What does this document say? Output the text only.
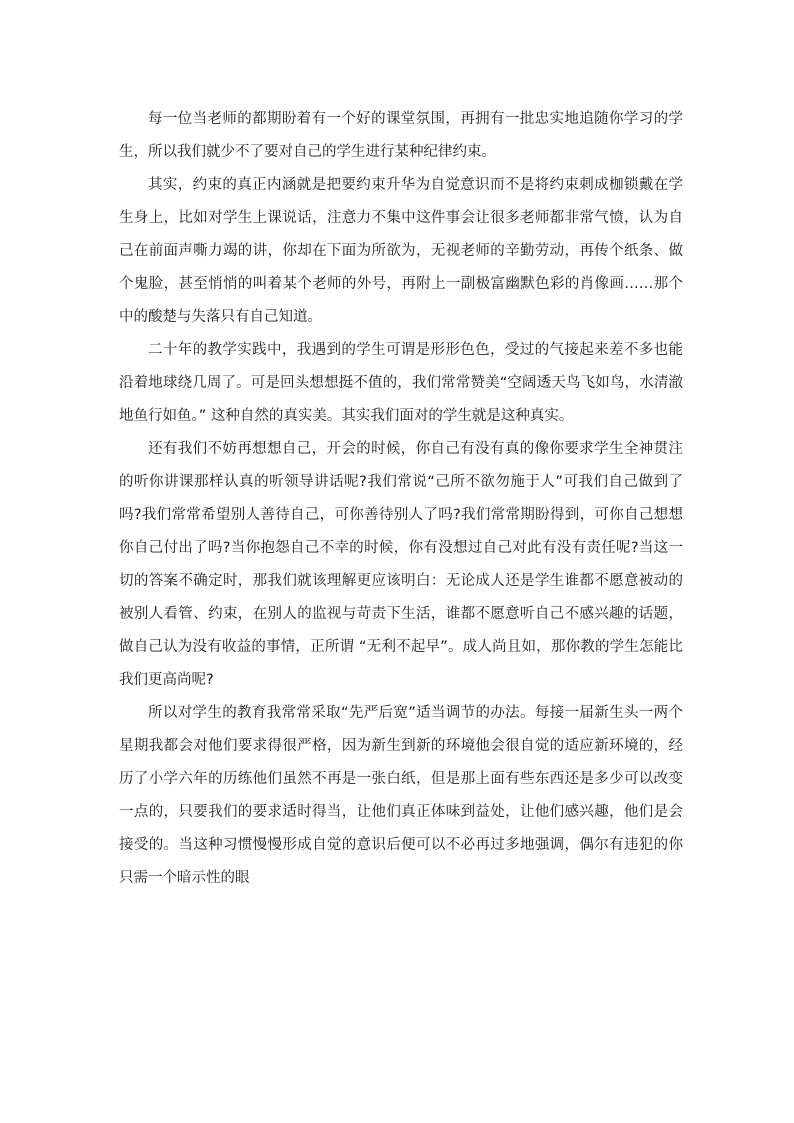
每一位当老师的都期盼着有一个好的课堂氛围，再拥有一批忠实地追随你学习的学生，所以我们就少不了要对自己的学生进行某种纪律约束。

其实，约束的真正内涵就是把要约束升华为自觉意识而不是将约束刺成枷锁戴在学生身上，比如对学生上课说话，注意力不集中这件事会让很多老师都非常气愤，认为自己在前面声嘶力竭的讲，你却在下面为所欲为，无视老师的辛勤劳动，再传个纸条、做个鬼脸，甚至悄悄的叫着某个老师的外号，再附上一副极富幽默色彩的肖像画……那个中的酸楚与失落只有自己知道。

二十年的教学实践中，我遇到的学生可谓是形形色色，受过的气接起来差不多也能沿着地球绕几周了。可是回头想想挺不值的，我们常常赞美“空阔透天鸟飞如鸟，水清澈地鱼行如鱼。” 这种自然的真实美。其实我们面对的学生就是这种真实。

还有我们不妨再想想自己，开会的时候，你自己有没有真的像你要求学生全神贯注的听你讲课那样认真的听领导讲话呢?我们常说“己所不欲勿施于人”可我们自己做到了吗?我们常常希望别人善待自己，可你善待别人了吗?我们常常期盼得到，可你自己想想你自己付出了吗?当你抱怨自己不幸的时候，你有没想过自己对此有没有责任呢?当这一切的答案不确定时，那我们就该理解更应该明白：无论成人还是学生谁都不愿意被动的被别人看管、约束，在别人的监视与苛责下生活，谁都不愿意听自己不感兴趣的话题，做自己认为没有收益的事情，正所谓 “无利不起早”。成人尚且如，那你教的学生怎能比我们更高尚呢?

所以对学生的教育我常常采取“先严后宽”适当调节的办法。每接一届新生头一两个星期我都会对他们要求得很严格，因为新生到新的环境他会很自觉的适应新环境的，经历了小学六年的历练他们虽然不再是一张白纸，但是那上面有些东西还是多少可以改变一点的，只要我们的要求适时得当，让他们真正体味到益处，让他们感兴趣，他们是会接受的。当这种习惯慢慢形成自觉的意识后便可以不必再过多地强调，偶尔有违犯的你只需一个暗示性的眼
